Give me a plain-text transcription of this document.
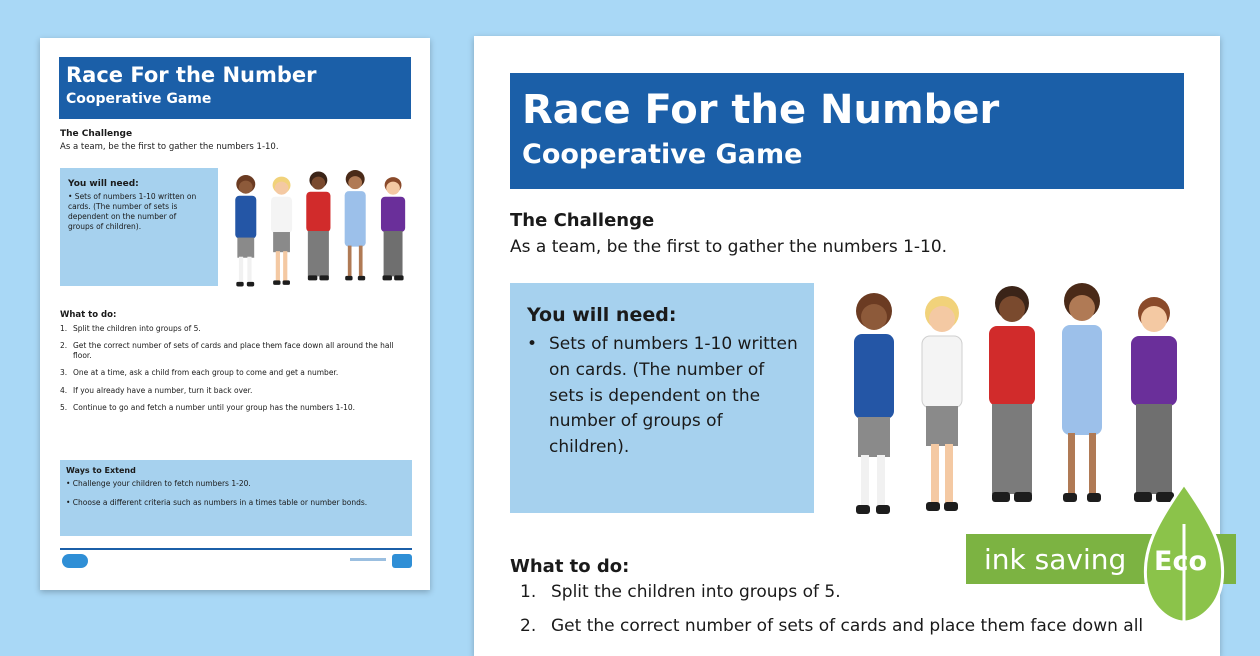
Race For the Number
Cooperative Game
The Challenge
As a team, be the first to gather the numbers 1-10.
You will need:
• Sets of numbers 1-10 written on cards. (The number of sets is dependent on the number of groups of children).
What to do:
1. Split the children into groups of 5.
2. Get the correct number of sets of cards and place them face down all around the hall floor.
3. One at a time, ask a child from each group to come and get a number.
4. If you already have a number, turn it back over.
5. Continue to go and fetch a number until your group has the numbers 1-10.
Ways to Extend
• Challenge your children to fetch numbers 1-20.
• Choose a different criteria such as numbers in a times table or number bonds.
Race For the Number
Cooperative Game
The Challenge
As a team, be the first to gather the numbers 1-10.
You will need:
• Sets of numbers 1-10 written on cards. (The number of sets is dependent on the number of groups of children).
What to do:
1. Split the children into groups of 5.
2. Get the correct number of sets of cards and place them face down all
ink saving Eco
